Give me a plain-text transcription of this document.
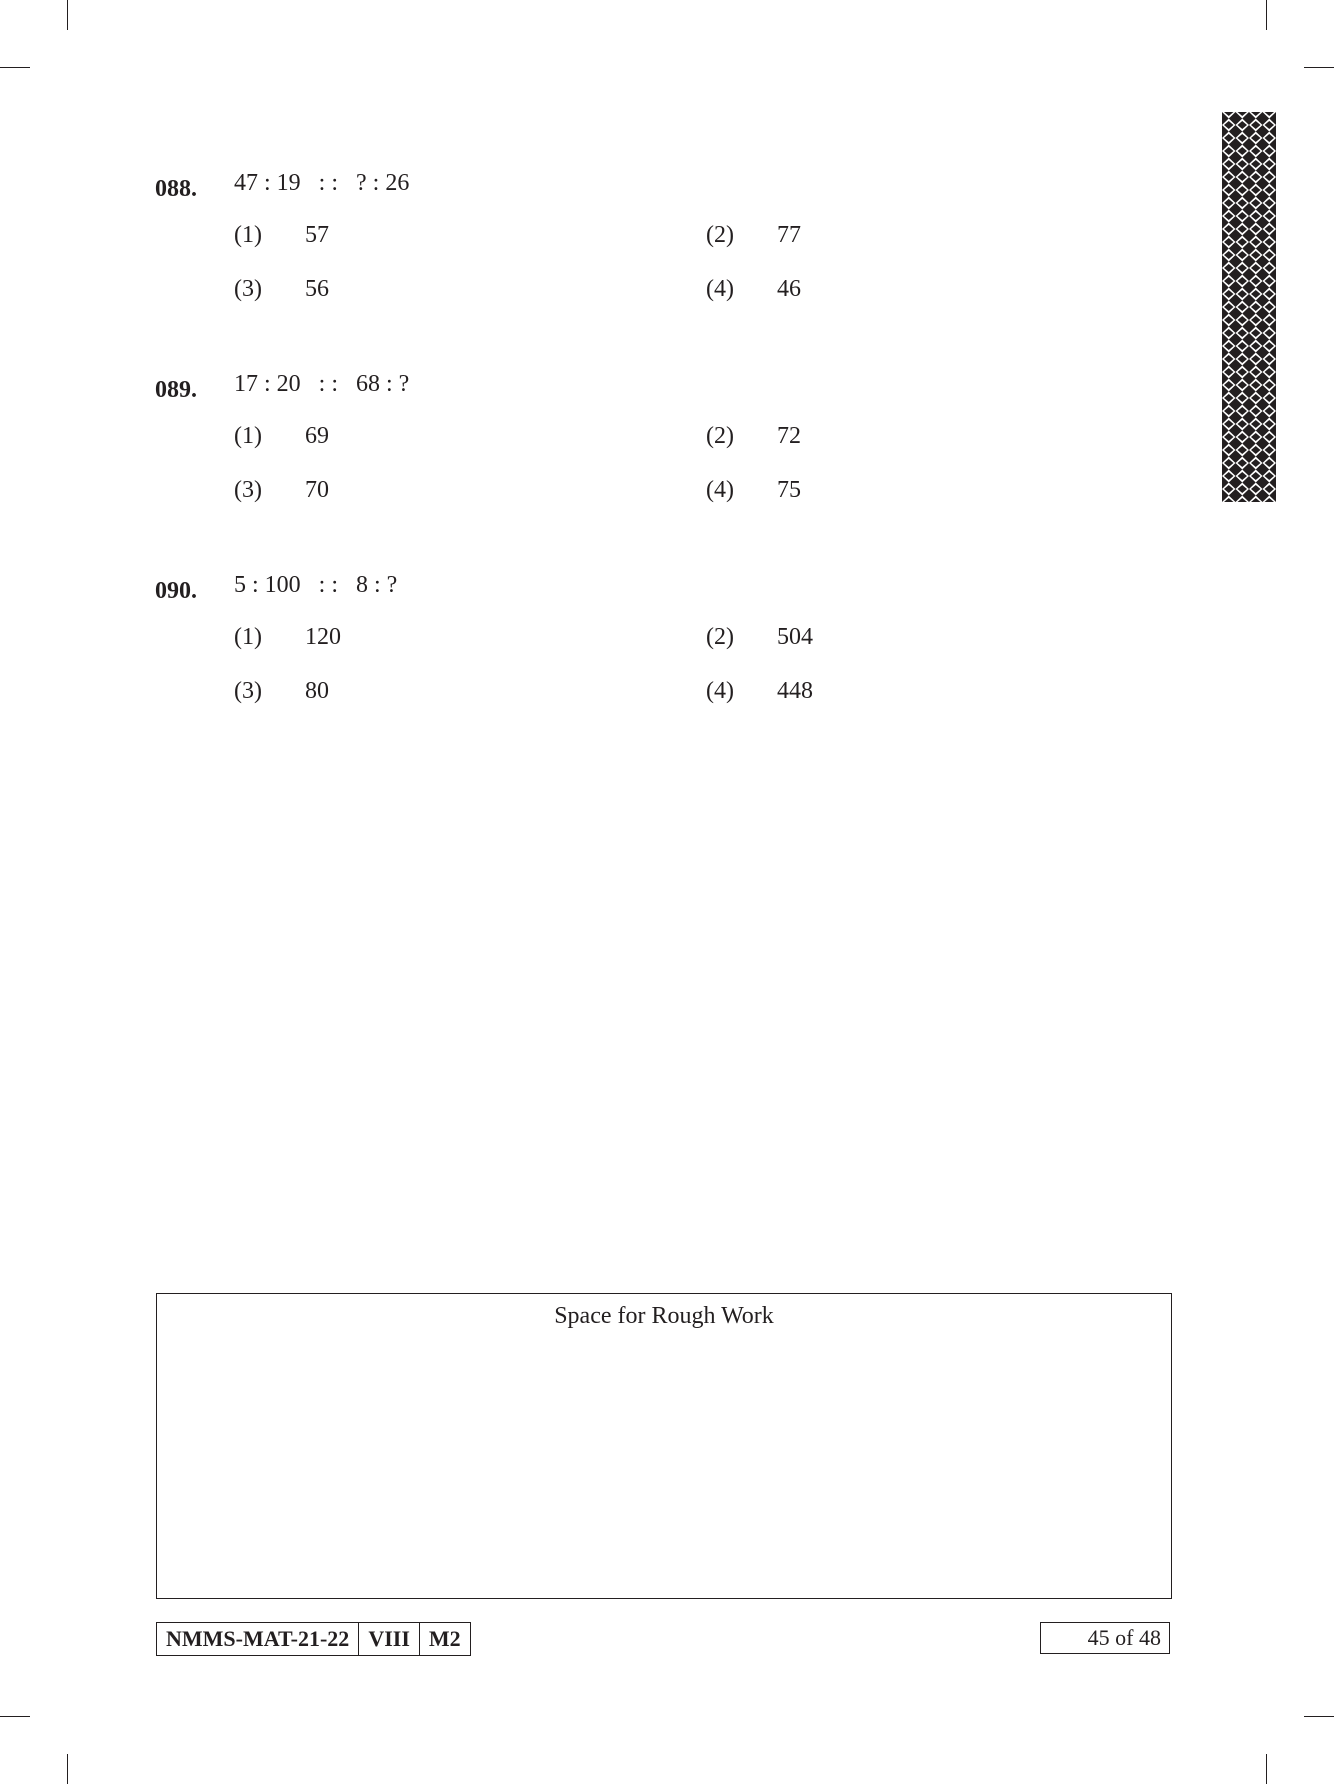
088. 47 : 19   : :   ? : 26
(1) 57	(2) 77
(3) 56	(4) 46
089. 17 : 20   : :   68 : ?
(1) 69	(2) 72
(3) 70	(4) 75
090. 5 : 100   : :   8 : ?
(1) 120	(2) 504
(3) 80	(4) 448
Space for Rough Work
NMMS-MAT-21-22 VIII M2	45 of 48
